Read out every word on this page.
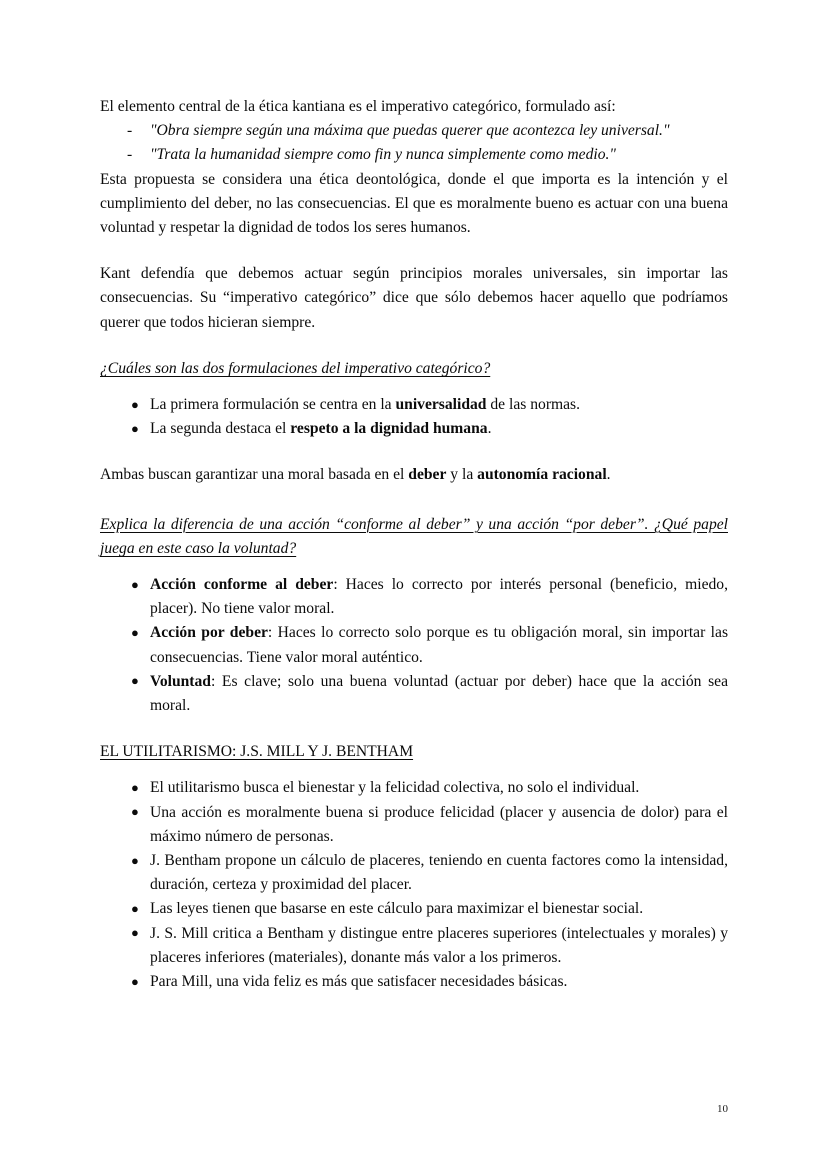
El elemento central de la ética kantiana es el imperativo categórico, formulado así:

- "Obra siempre según una máxima que puedas querer que acontezca ley universal."
- "Trata la humanidad siempre como fin y nunca simplemente como medio."

Esta propuesta se considera una ética deontológica, donde el que importa es la intención y el cumplimiento del deber, no las consecuencias. El que es moralmente bueno es actuar con una buena voluntad y respetar la dignidad de todos los seres humanos.

Kant defendía que debemos actuar según principios morales universales, sin importar las consecuencias. Su “imperativo categórico” dice que sólo debemos hacer aquello que podríamos querer que todos hicieran siempre.

¿Cuáles son las dos formulaciones del imperativo categórico?
● La primera formulación se centra en la universalidad de las normas.
● La segunda destaca el respeto a la dignidad humana.

Ambas buscan garantizar una moral basada en el deber y la autonomía racional.

Explica la diferencia de una acción “conforme al deber” y una acción “por deber”. ¿Qué papel juega en este caso la voluntad?
● Acción conforme al deber: Haces lo correcto por interés personal (beneficio, miedo, placer). No tiene valor moral.
● Acción por deber: Haces lo correcto solo porque es tu obligación moral, sin importar las consecuencias. Tiene valor moral auténtico.
● Voluntad: Es clave; solo una buena voluntad (actuar por deber) hace que la acción sea moral.
EL UTILITARISMO: J.S. MILL Y J. BENTHAM
● El utilitarismo busca el bienestar y la felicidad colectiva, no solo el individual.
● Una acción es moralmente buena si produce felicidad (placer y ausencia de dolor) para el máximo número de personas.
● J. Bentham propone un cálculo de placeres, teniendo en cuenta factores como la intensidad, duración, certeza y proximidad del placer.
● Las leyes tienen que basarse en este cálculo para maximizar el bienestar social.
● J. S. Mill critica a Bentham y distingue entre placeres superiores (intelectuales y morales) y placeres inferiores (materiales), donante más valor a los primeros.
● Para Mill, una vida feliz es más que satisfacer necesidades básicas.
10
